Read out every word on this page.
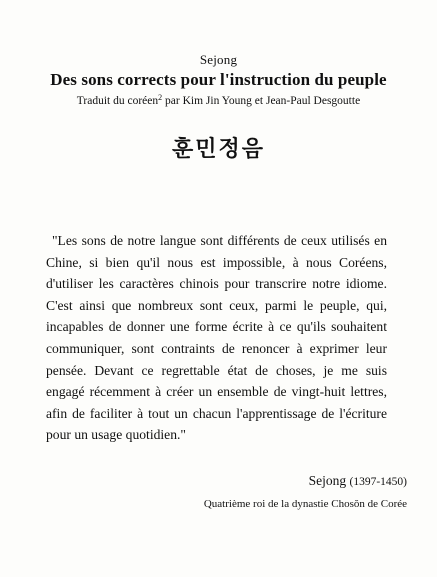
Sejong
Des sons corrects pour l'instruction du peuple
Traduit du coréen$^2$ par Kim Jin Young et Jean-Paul Desgoutte
훈민정음
"Les sons de notre langue sont différents de ceux utilisés en Chine, si bien qu'il nous est impossible, à nous Coréens, d'utiliser les caractères chinois pour transcrire notre idiome. C'est ainsi que nombreux sont ceux, parmi le peuple, qui, incapables de donner une forme écrite à ce qu'ils souhaitent communiquer, sont contraints de renoncer à exprimer leur pensée. Devant ce regrettable état de choses, je me suis engagé récemment à créer un ensemble de vingt-huit lettres, afin de faciliter à tout un chacun l'apprentissage de l'écriture pour un usage quotidien."
Sejong (1397-1450)
Quatrième roi de la dynastie Chosŏn de Corée
